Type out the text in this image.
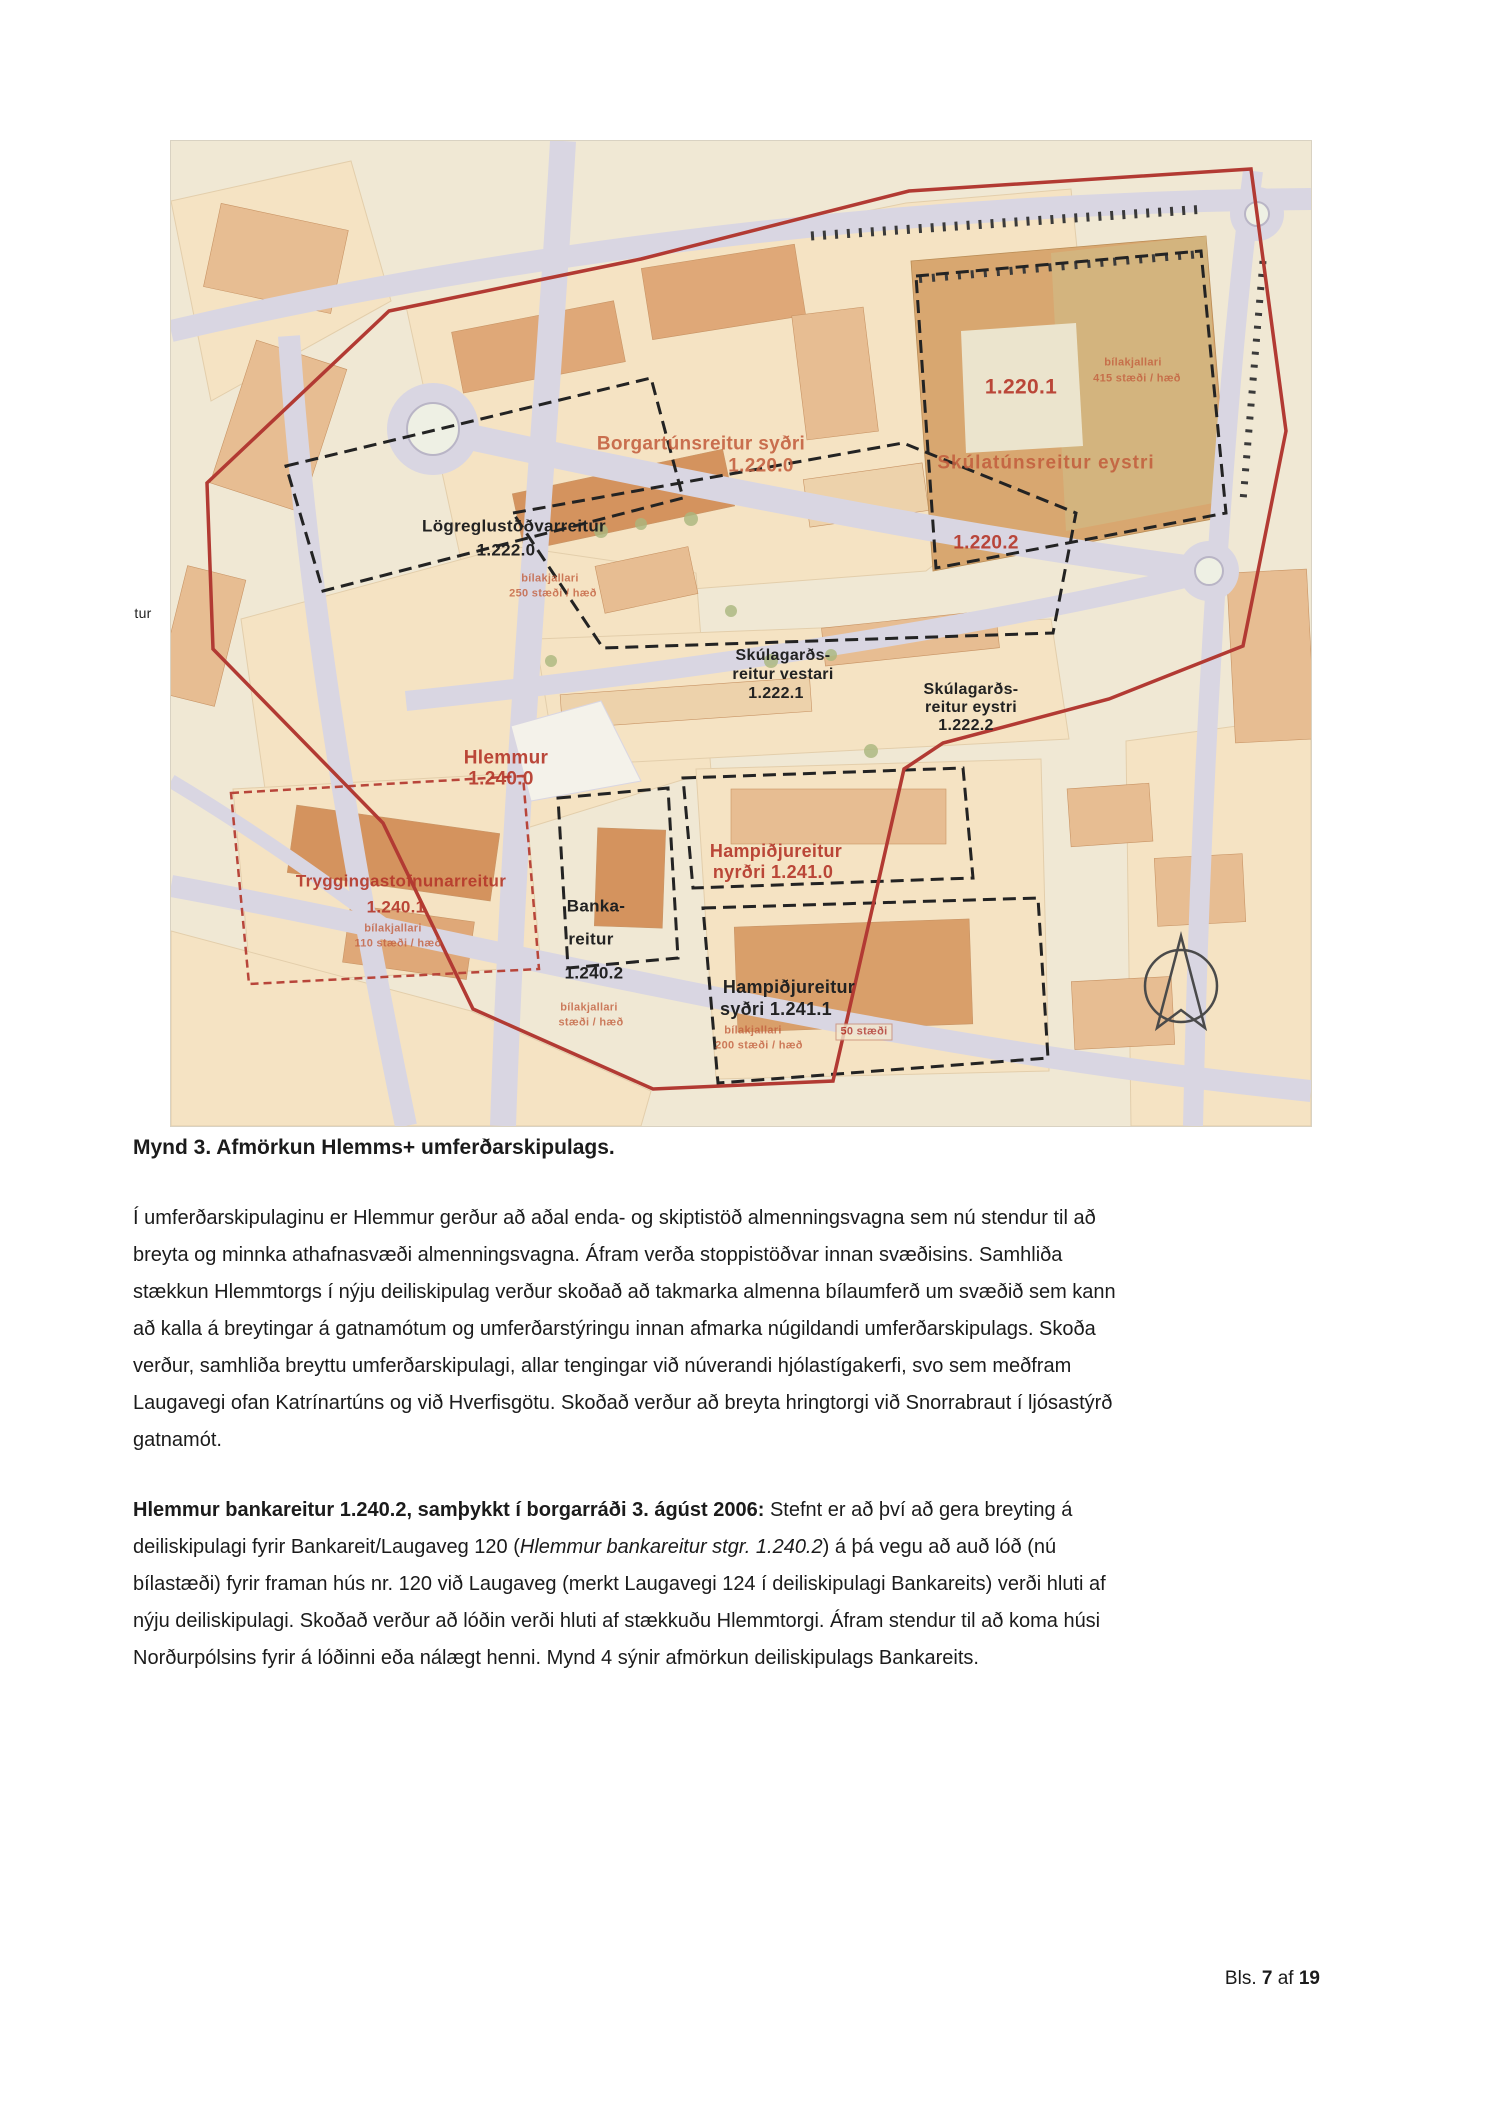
Borgartúnsreitur syðri
1.220.0
1.220.1
bílakjallari
415 stæði / hæð
Skúlatúnsreitur eystri
1.220.2
Lögreglustöðvarreitur
1.222.0
bílakjallari
250 stæði / hæð
Skúlagarðs-
reitur vestari
1.222.1	Skúlagarðs-
reitur eystri
1.222.2
Hlemmur
1.240.0
Tryggingastofnunarreitur
1.240.1
bílakjallari
110 stæði / hæð
Banka-
reitur
1.240.2
bílakjallari
stæði / hæð
Hampiðjureitur
nyrðri 1.241.0
Hampiðjureitur
syðri 1.241.1
bílakjallari
200 stæði / hæð
50 stæði
tur
Mynd 3. Afmörkun Hlemms+ umferðarskipulags.
Í umferðarskipulaginu er Hlemmur gerður að aðal enda- og skiptistöð almenningsvagna sem nú stendur til að
breyta og minnka athafnasvæði almenningsvagna. Áfram verða stoppistöðvar innan svæðisins. Samhliða
stækkun Hlemmtorgs í nýju deiliskipulag verður skoðað að takmarka almenna bílaumferð um svæðið sem kann
að kalla á breytingar á gatnamótum og umferðarstýringu innan afmarka núgildandi umferðarskipulags. Skoða
verður, samhliða breyttu umferðarskipulagi, allar tengingar við núverandi hjólastígakerfi, svo sem meðfram
Laugavegi ofan Katrínartúns og við Hverfisgötu. Skoðað verður að breyta hringtorgi við Snorrabraut í ljósastýrð
gatnamót.
Hlemmur bankareitur 1.240.2, samþykkt í borgarráði 3. ágúst 2006: Stefnt er að því að gera breyting á
deiliskipulagi fyrir Bankareit/Laugaveg 120 (Hlemmur bankareitur stgr. 1.240.2) á þá vegu að auð lóð (nú
bílastæði) fyrir framan hús nr. 120 við Laugaveg (merkt Laugavegi 124 í deiliskipulagi Bankareits) verði hluti af
nýju deiliskipulagi. Skoðað verður að lóðin verði hluti af stækkuðu Hlemmtorgi. Áfram stendur til að koma húsi
Norðurpólsins fyrir á lóðinni eða nálægt henni. Mynd 4 sýnir afmörkun deiliskipulags Bankareits.
Bls. 7 af 19
